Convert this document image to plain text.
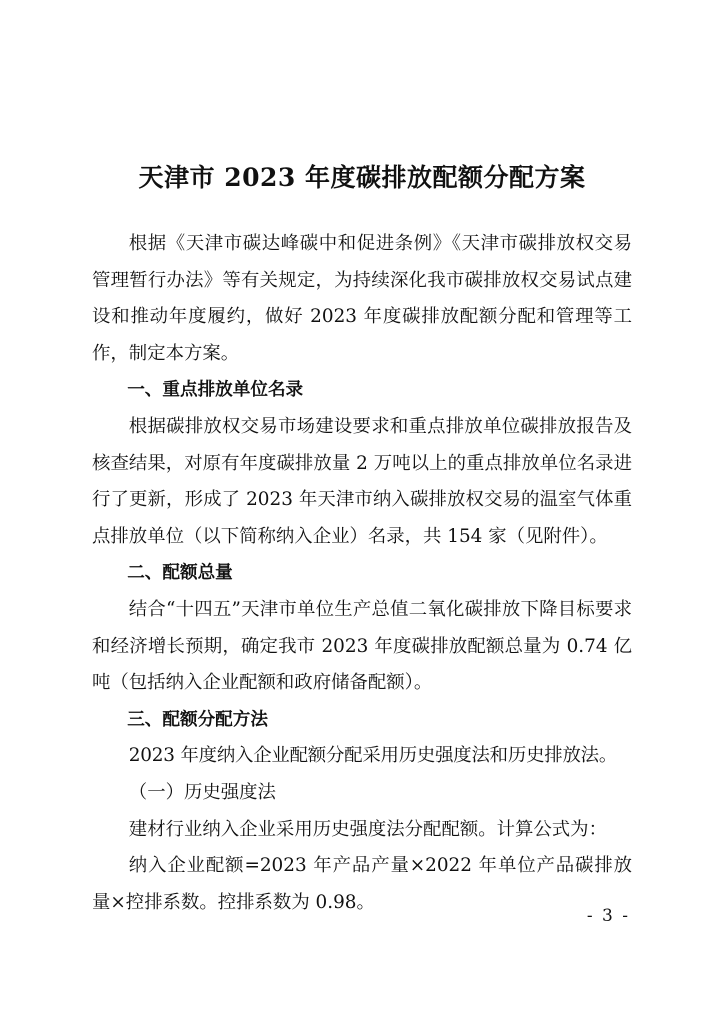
天津市 2023 年度碳排放配额分配方案

根据《天津市碳达峰碳中和促进条例》《天津市碳排放权交易管理暂行办法》等有关规定，为持续深化我市碳排放权交易试点建设和推动年度履约，做好 2023 年度碳排放配额分配和管理等工作，制定本方案。

一、重点排放单位名录

根据碳排放权交易市场建设要求和重点排放单位碳排放报告及核查结果，对原有年度碳排放量 2 万吨以上的重点排放单位名录进行了更新，形成了 2023 年天津市纳入碳排放权交易的温室气体重点排放单位（以下简称纳入企业）名录，共 154 家（见附件）。

二、配额总量

结合“十四五”天津市单位生产总值二氧化碳排放下降目标要求和经济增长预期，确定我市 2023 年度碳排放配额总量为 0.74 亿吨（包括纳入企业配额和政府储备配额）。

三、配额分配方法

2023 年度纳入企业配额分配采用历史强度法和历史排放法。

（一）历史强度法

建材行业纳入企业采用历史强度法分配配额。计算公式为：

纳入企业配额=2023 年产品产量×2022 年单位产品碳排放量×控排系数。控排系数为 0.98。

- 3 -
